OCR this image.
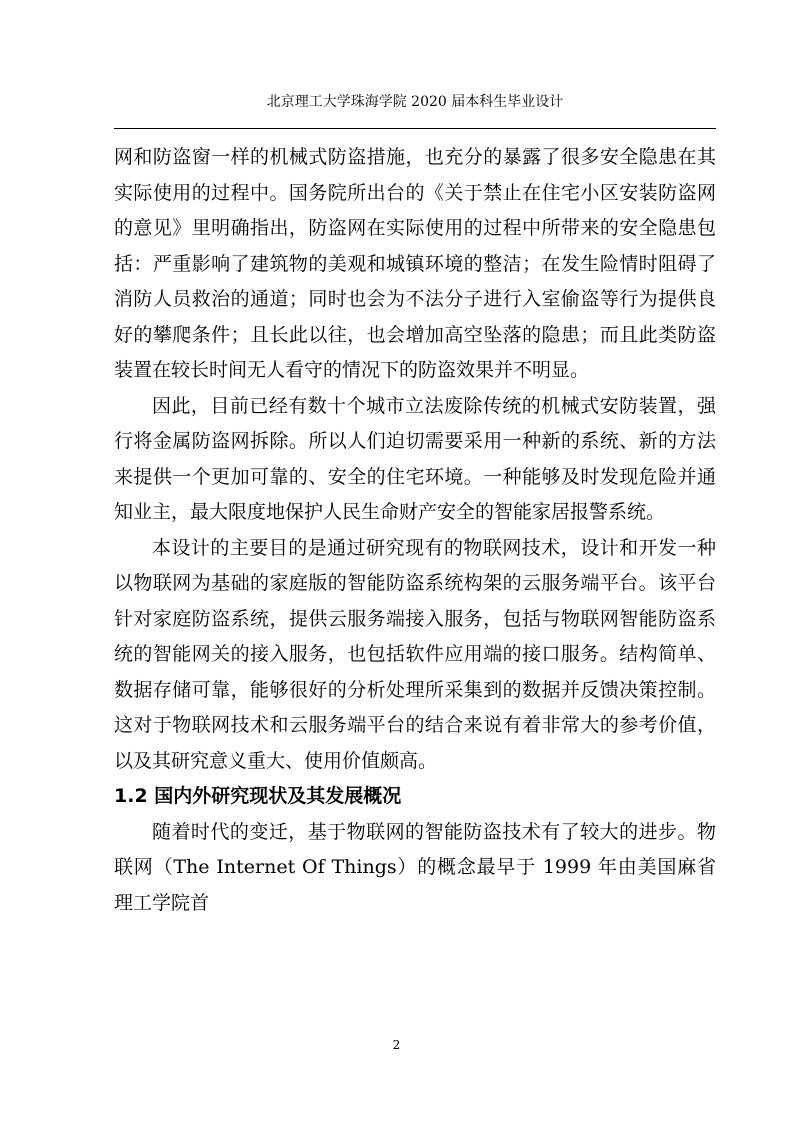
北京理工大学珠海学院 2020 届本科生毕业设计

网和防盗窗一样的机械式防盗措施，也充分的暴露了很多安全隐患在其实际使用的过程中。国务院所出台的《关于禁止在住宅小区安装防盗网的意见》里明确指出，防盗网在实际使用的过程中所带来的安全隐患包括：严重影响了建筑物的美观和城镇环境的整洁；在发生险情时阻碍了消防人员救治的通道；同时也会为不法分子进行入室偷盗等行为提供良好的攀爬条件；且长此以往，也会增加高空坠落的隐患；而且此类防盗装置在较长时间无人看守的情况下的防盗效果并不明显。

因此，目前已经有数十个城市立法废除传统的机械式安防装置，强行将金属防盗网拆除。所以人们迫切需要采用一种新的系统、新的方法来提供一个更加可靠的、安全的住宅环境。一种能够及时发现危险并通知业主，最大限度地保护人民生命财产安全的智能家居报警系统。

本设计的主要目的是通过研究现有的物联网技术，设计和开发一种以物联网为基础的家庭版的智能防盗系统构架的云服务端平台。该平台针对家庭防盗系统，提供云服务端接入服务，包括与物联网智能防盗系统的智能网关的接入服务，也包括软件应用端的接口服务。结构简单、数据存储可靠，能够很好的分析处理所采集到的数据并反馈决策控制。这对于物联网技术和云服务端平台的结合来说有着非常大的参考价值，以及其研究意义重大、使用价值颇高。

1.2 国内外研究现状及其发展概况

随着时代的变迁，基于物联网的智能防盗技术有了较大的进步。物联网（The Internet Of Things）的概念最早于 1999 年由美国麻省理工学院首

2
